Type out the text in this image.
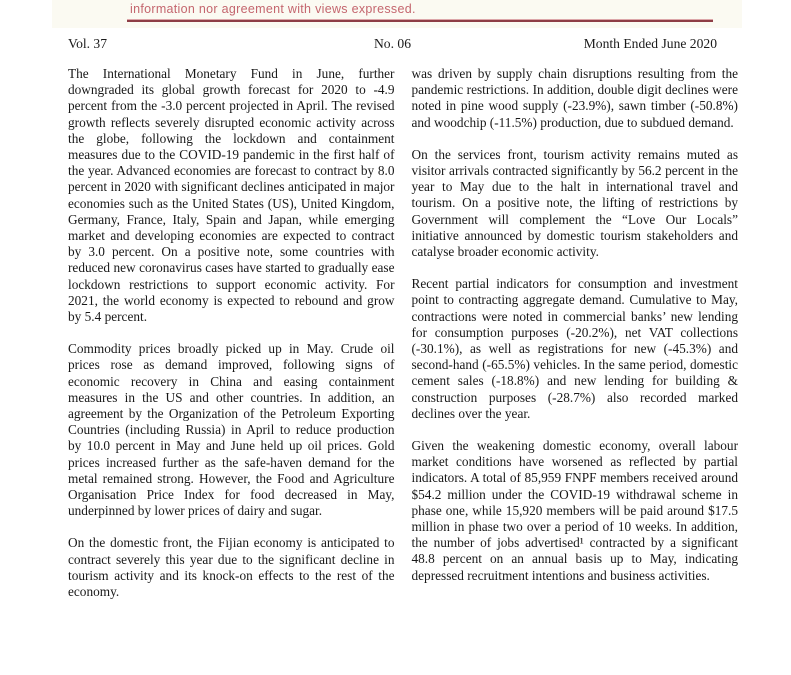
information nor agreement with views expressed.
Vol. 37	No. 06	Month Ended June 2020

The International Monetary Fund in June, further downgraded its global growth forecast for 2020 to -4.9 percent from the -3.0 percent projected in April. The revised growth reflects severely disrupted economic activity across the globe, following the lockdown and containment measures due to the COVID-19 pandemic in the first half of the year. Advanced economies are forecast to contract by 8.0 percent in 2020 with significant declines anticipated in major economies such as the United States (US), United Kingdom, Germany, France, Italy, Spain and Japan, while emerging market and developing economies are expected to contract by 3.0 percent. On a positive note, some countries with reduced new coronavirus cases have started to gradually ease lockdown restrictions to support economic activity. For 2021, the world economy is expected to rebound and grow by 5.4 percent.

Commodity prices broadly picked up in May. Crude oil prices rose as demand improved, following signs of economic recovery in China and easing containment measures in the US and other countries. In addition, an agreement by the Organization of the Petroleum Exporting Countries (including Russia) in April to reduce production by 10.0 percent in May and June held up oil prices. Gold prices increased further as the safe-haven demand for the metal remained strong. However, the Food and Agriculture Organisation Price Index for food decreased in May, underpinned by lower prices of dairy and sugar.

On the domestic front, the Fijian economy is anticipated to contract severely this year due to the significant decline in tourism activity and its knock-on effects to the rest of the economy.

was driven by supply chain disruptions resulting from the pandemic restrictions. In addition, double digit declines were noted in pine wood supply (-23.9%), sawn timber (-50.8%) and woodchip (-11.5%) production, due to subdued demand.

On the services front, tourism activity remains muted as visitor arrivals contracted significantly by 56.2 percent in the year to May due to the halt in international travel and tourism. On a positive note, the lifting of restrictions by Government will complement the “Love Our Locals” initiative announced by domestic tourism stakeholders and catalyse broader economic activity.

Recent partial indicators for consumption and investment point to contracting aggregate demand. Cumulative to May, contractions were noted in commercial banks’ new lending for consumption purposes (-20.2%), net VAT collections (-30.1%), as well as registrations for new (-45.3%) and second-hand (-65.5%) vehicles. In the same period, domestic cement sales (-18.8%) and new lending for building & construction purposes (-28.7%) also recorded marked declines over the year.

Given the weakening domestic economy, overall labour market conditions have worsened as reflected by partial indicators. A total of 85,959 FNPF members received around $54.2 million under the COVID-19 withdrawal scheme in phase one, while 15,920 members will be paid around $17.5 million in phase two over a period of 10 weeks. In addition, the number of jobs advertised¹ contracted by a significant 48.8 percent on an annual basis up to May, indicating depressed recruitment intentions and business activities.
